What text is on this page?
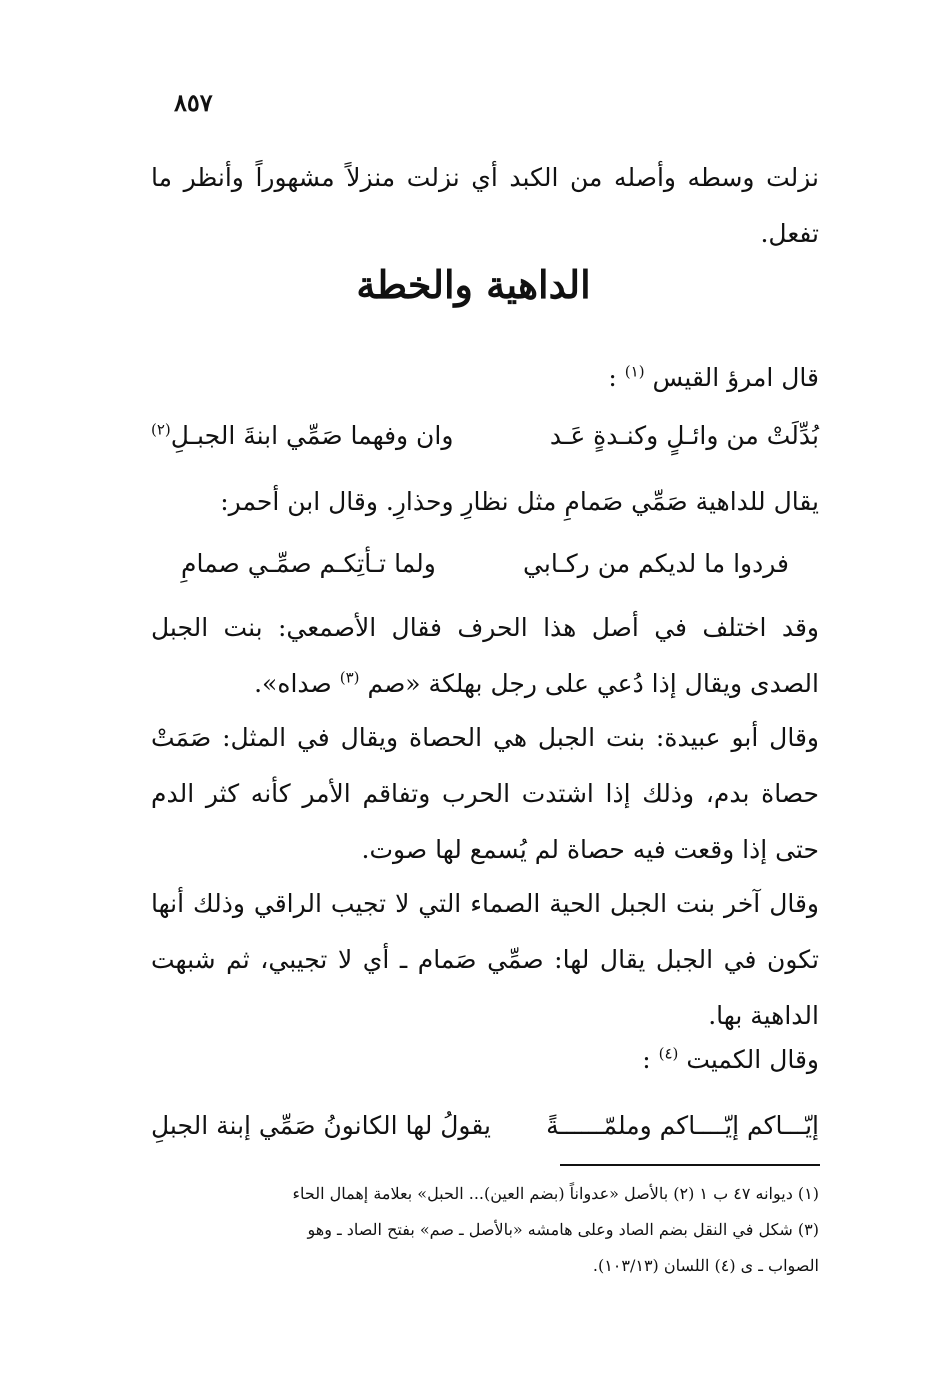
٨٥٧
نزلت وسطه وأصله من الكبد أي نزلت منزلاً مشهوراً وأنظر ما تفعل.
الداهية والخطة
قال امرؤ القيس $^{(١)}$ :
بُدِّلَتْ من وائـلٍ وكنـدةٍ عَـد
وان وفهما صَمِّي ابنةَ الجبـلِ$^{(٢)}$
يقال للداهية صَمِّي صَمامِ مثل نظارِ وحذارِ. وقال ابن أحمر:
فردوا ما لديكم من ركـابي
ولما تـأتِكـم صمِّـي صمامِ
وقد اختلف في أصل هذا الحرف فقال الأصمعي: بنت الجبل الصدى ويقال إذا دُعي على رجل بهلكة «صم $^{(٣)}$ صداه».
وقال أبو عبيدة: بنت الجبل هي الحصاة ويقال في المثل: صَمَتْ حصاة بدم، وذلك إذا اشتدت الحرب وتفاقم الأمر كأنه كثر الدم حتى إذا وقعت فيه حصاة لم يُسمع لها صوت.
وقال آخر بنت الجبل الحية الصماء التي لا تجيب الراقي وذلك أنها تكون في الجبل يقال لها: صمِّي صَمام ـ أي لا تجيبي، ثم شبهت الداهية بها.
وقال الكميت $^{(٤)}$ :
إيّـــاكم إيّــــاكم وملمّــــــةً
يقولُ لها الكانونُ صَمِّي إبنة الجبلِ
(١) ديوانه ٤٧ ب ١ (٢) بالأصل «عدواناً (بضم العين)... الحبل» بعلامة إهمال الحاء
(٣) شكل في النقل بضم الصاد وعلى هامشه «بالأصل ـ صم» بفتح الصاد ـ وهو
الصواب ـ ى (٤) اللسان (١٠٣/١٣).
